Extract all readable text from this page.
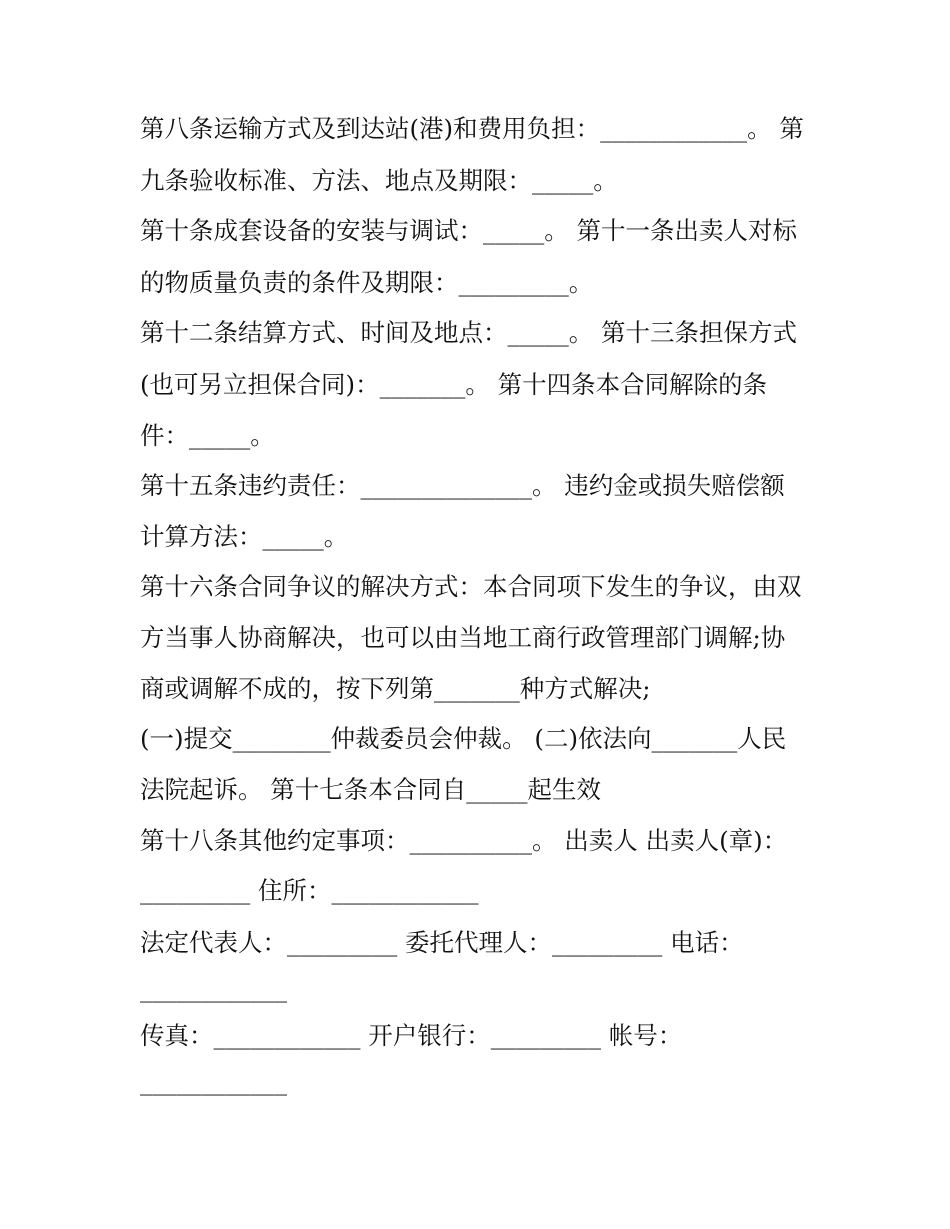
第八条运输方式及到达站(港)和费用负担：____________。 第
九条验收标准、方法、地点及期限：_____。
第十条成套设备的安装与调试：_____。 第十一条出卖人对标
的物质量负责的条件及期限：_________。
第十二条结算方式、时间及地点：_____。 第十三条担保方式
(也可另立担保合同)：_______。 第十四条本合同解除的条
件：_____。
第十五条违约责任：______________。 违约金或损失赔偿额
计算方法：_____。
第十六条合同争议的解决方式：本合同项下发生的争议，由双
方当事人协商解决，也可以由当地工商行政管理部门调解;协
商或调解不成的，按下列第_______种方式解决;
(一)提交________仲裁委员会仲裁。 (二)依法向_______人民
法院起诉。 第十七条本合同自_____起生效
第十八条其他约定事项：__________。 出卖人 出卖人(章)：
_________ 住所：____________
法定代表人：_________ 委托代理人：_________ 电话：
____________
传真：____________ 开户银行：_________ 帐号：
____________
